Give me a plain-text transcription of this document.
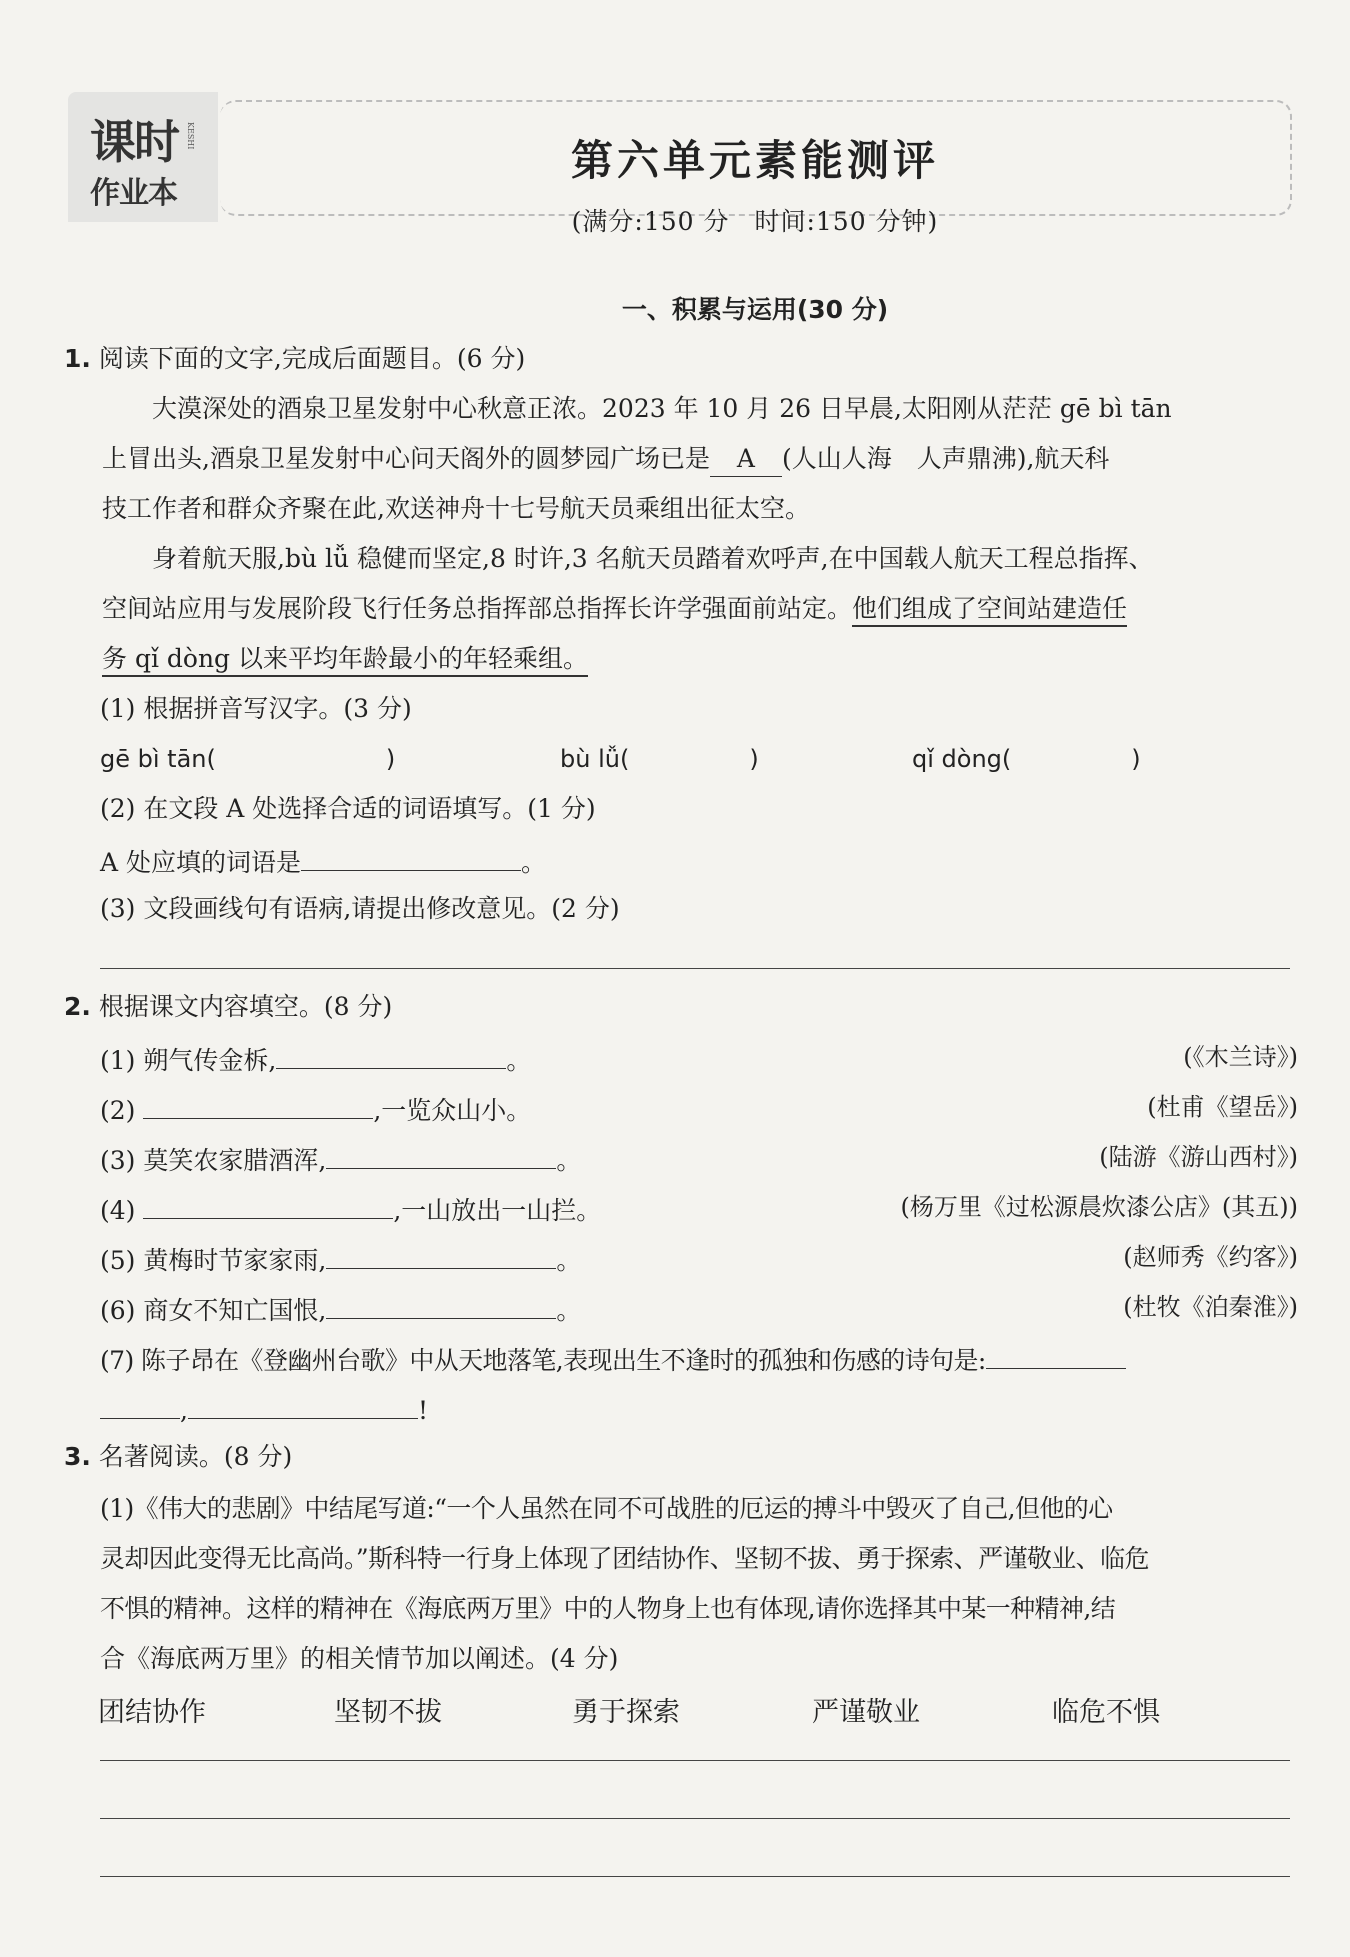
课时
作业本
KESHI
第六单元素能测评
(满分:150 分 时间:150 分钟)
一、积累与运用(30 分)
1. 阅读下面的文字,完成后面题目。(6 分)
大漠深处的酒泉卫星发射中心秋意正浓。2023 年 10 月 26 日早晨,太阳刚从茫茫 gē bì tān
上冒出头,酒泉卫星发射中心问天阁外的圆梦园广场已是 A (人山人海　人声鼎沸),航天科
技工作者和群众齐聚在此,欢送神舟十七号航天员乘组出征太空。
身着航天服,bù lǚ 稳健而坚定,8 时许,3 名航天员踏着欢呼声,在中国载人航天工程总指挥、
空间站应用与发展阶段飞行任务总指挥部总指挥长许学强面前站定。他们组成了空间站建造任
务 qǐ dòng 以来平均年龄最小的年轻乘组。
(1) 根据拼音写汉字。(3 分)
gē bì tān(	)	bù lǚ(	)	qǐ dòng(	)
(2) 在文段 A 处选择合适的词语填写。(1 分)
A 处应填的词语是	。
(3) 文段画线句有语病,请提出修改意见。(2 分)
2. 根据课文内容填空。(8 分)
(1) 朔气传金柝,	。	(《木兰诗》)
(2)	,一览众山小。	(杜甫《望岳》)
(3) 莫笑农家腊酒浑,	。	(陆游《游山西村》)
(4)	,一山放出一山拦。	(杨万里《过松源晨炊漆公店》(其五))
(5) 黄梅时节家家雨,	。	(赵师秀《约客》)
(6) 商女不知亡国恨,	。	(杜牧《泊秦淮》)
(7) 陈子昂在《登幽州台歌》中从天地落笔,表现出生不逢时的孤独和伤感的诗句是:
,	!
3. 名著阅读。(8 分)
(1)《伟大的悲剧》中结尾写道:“一个人虽然在同不可战胜的厄运的搏斗中毁灭了自己,但他的心
灵却因此变得无比高尚。”斯科特一行身上体现了团结协作、坚韧不拔、勇于探索、严谨敬业、临危
不惧的精神。这样的精神在《海底两万里》中的人物身上也有体现,请你选择其中某一种精神,结
合《海底两万里》的相关情节加以阐述。(4 分)
团结协作	坚韧不拔	勇于探索	严谨敬业	临危不惧
